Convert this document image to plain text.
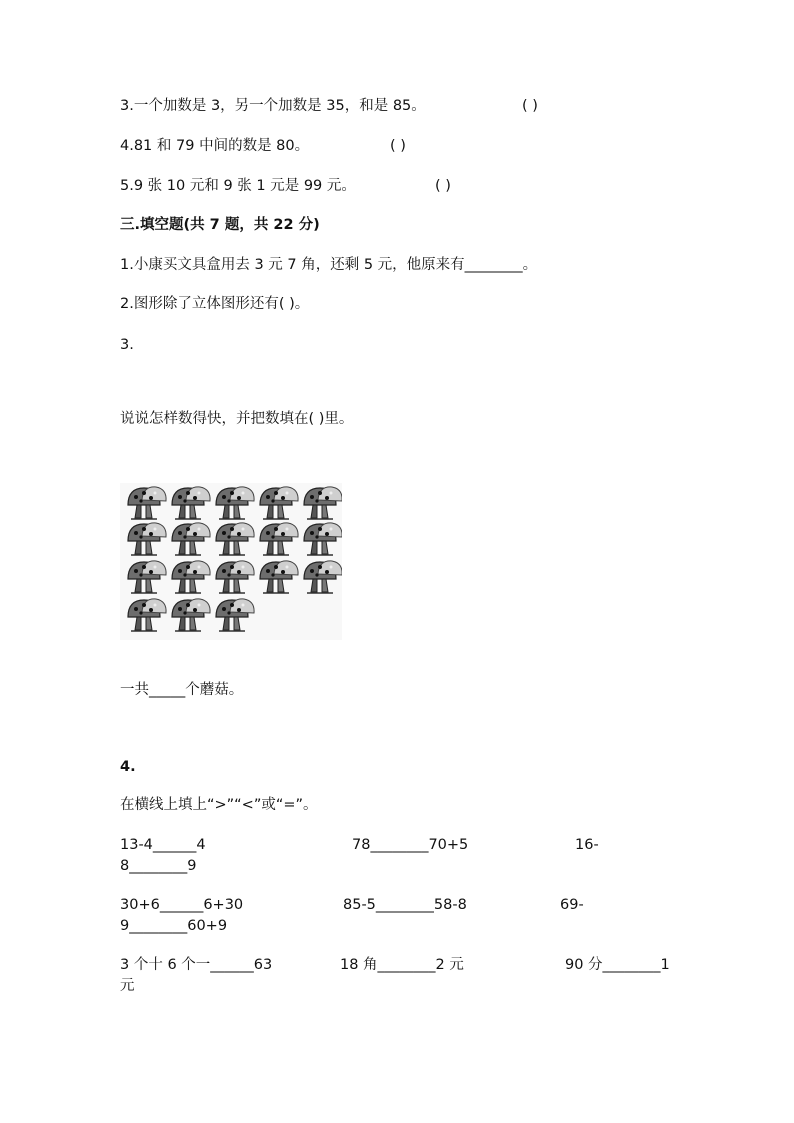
3.一个加数是 3，另一个加数是 35，和是 85。	( )
4.81 和 79 中间的数是 80。	( )
5.9 张 10 元和 9 张 1 元是 99 元。	( )
三.填空题(共 7 题，共 22 分)
1.小康买文具盒用去 3 元 7 角，还剩 5 元，他原来有________。
2.图形除了立体图形还有( )。
3.
说说怎样数得快，并把数填在( )里。
一共_____个蘑菇。
4.
在横线上填上“>”“<”或“=”。
13-4______4	78________70+5	16-
8________9
30+6______6+30	85-5________58-8	69-
9________60+9
3 个十 6 个一______63	18 角________2 元	90 分________1
元
